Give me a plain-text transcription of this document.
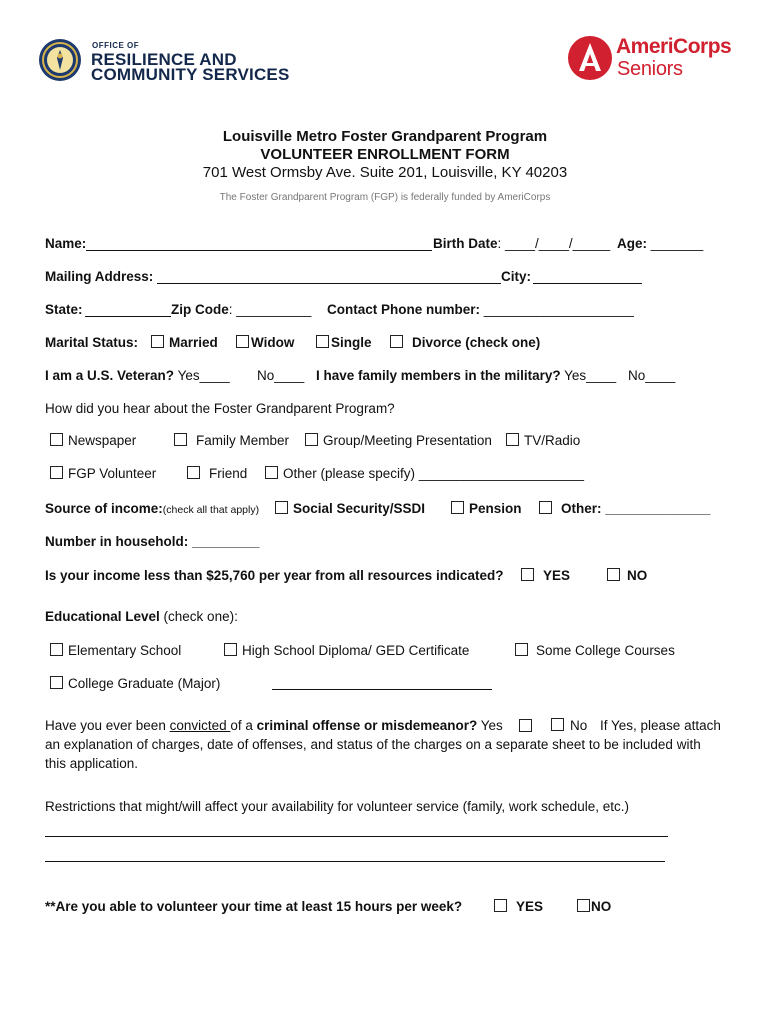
OFFICE OF
RESILIENCE AND
COMMUNITY SERVICES
AmeriCorps
Seniors
Louisville Metro Foster Grandparent Program
VOLUNTEER ENROLLMENT FORM
701 West Ormsby Ave. Suite 201, Louisville, KY 40203
The Foster Grandparent Program (FGP) is federally funded by AmeriCorps
Name:	Birth Date: ____/____/_____ Age: _______
Mailing Address:	City:
State:	Zip Code: __________ Contact Phone number: ____________________
Marital Status:	Married	Widow	Single	Divorce (check one)
I am a U.S. Veteran? Yes____ No____ I have family members in the military? Yes____ No____
How did you hear about the Foster Grandparent Program?
Newspaper	Family Member	Group/Meeting Presentation	TV/Radio
FGP Volunteer	Friend	Other (please specify) ______________________
Source of income:(check all that apply)	Social Security/SSDI	Pension	Other: ______________
Number in household: _________
Is your income less than $25,760 per year from all resources indicated?	YES	NO
Educational Level (check one):
Elementary School	High School Diploma/ GED Certificate	Some College Courses
College Graduate (Major)
Have you ever been convicted of a criminal offense or misdemeanor? Yes	No If Yes, please attach
an explanation of charges, date of offenses, and status of the charges on a separate sheet to be included with
this application.
Restrictions that might/will affect your availability for volunteer service (family, work schedule, etc.)
**Are you able to volunteer your time at least 15 hours per week?	YES	NO
